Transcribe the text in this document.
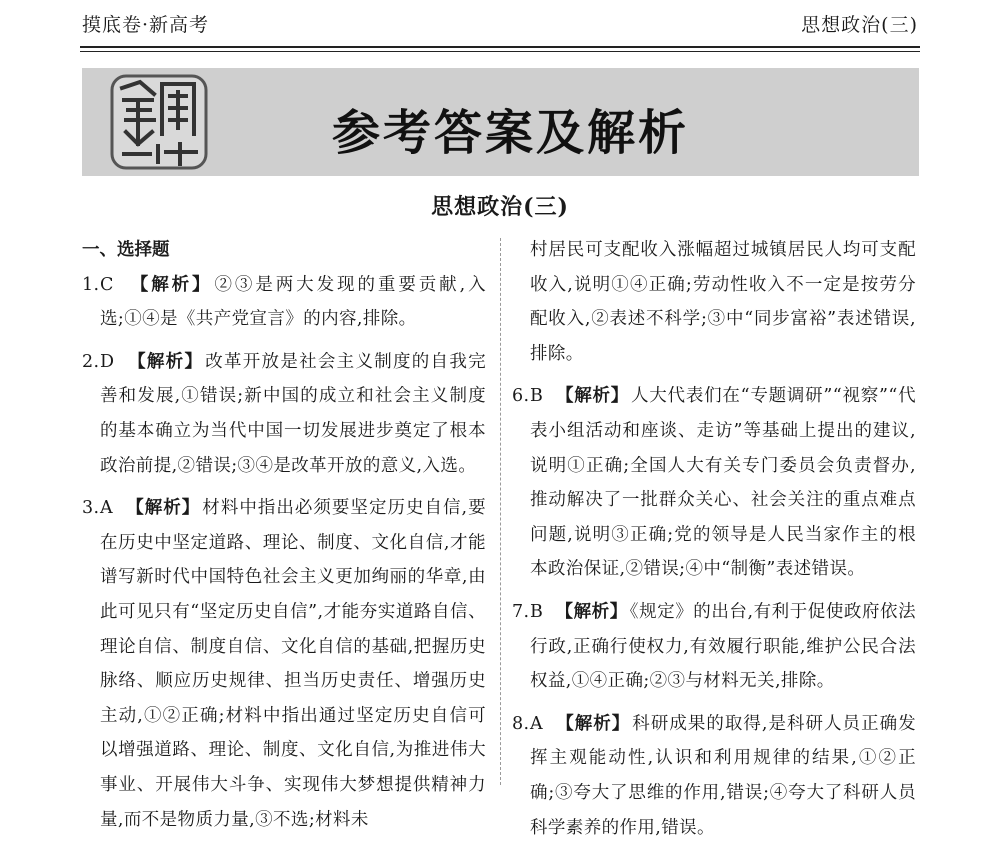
摸底卷·新高考	思想政治(三)
参考答案及解析
思想政治(三)

一、选择题

1. C 【解析】 ②③是两大发现的重要贡献,入选;①④是《共产党宣言》的内容,排除。

2. D 【解析】 改革开放是社会主义制度的自我完善和发展,①错误;新中国的成立和社会主义制度的基本确立为当代中国一切发展进步奠定了根本政治前提,②错误;③④是改革开放的意义,入选。

3. A 【解析】 材料中指出必须要坚定历史自信,要在历史中坚定道路、理论、制度、文化自信,才能谱写新时代中国特色社会主义更加绚丽的华章,由此可见只有“坚定历史自信”,才能夯实道路自信、理论自信、制度自信、文化自信的基础,把握历史脉络、顺应历史规律、担当历史责任、增强历史主动,①②正确;材料中指出通过坚定历史自信可以增强道路、理论、制度、文化自信,为推进伟大事业、开展伟大斗争、实现伟大梦想提供精神力量,而不是物质力量,③不选;材料未

村居民可支配收入涨幅超过城镇居民人均可支配收入,说明①④正确;劳动性收入不一定是按劳分配收入,②表述不科学;③中“同步富裕”表述错误,排除。

6. B 【解析】 人大代表们在“专题调研”“视察”“代表小组活动和座谈、走访”等基础上提出的建议,说明①正确;全国人大有关专门委员会负责督办,推动解决了一批群众关心、社会关注的重点难点问题,说明③正确;党的领导是人民当家作主的根本政治保证,②错误;④中“制衡”表述错误。

7. B 【解析】 《规定》的出台,有利于促使政府依法行政,正确行使权力,有效履行职能,维护公民合法权益,①④正确;②③与材料无关,排除。

8. A 【解析】 科研成果的取得,是科研人员正确发挥主观能动性,认识和利用规律的结果,①②正确;③夸大了思维的作用,错误;④夸大了科研人员科学素养的作用,错误。
